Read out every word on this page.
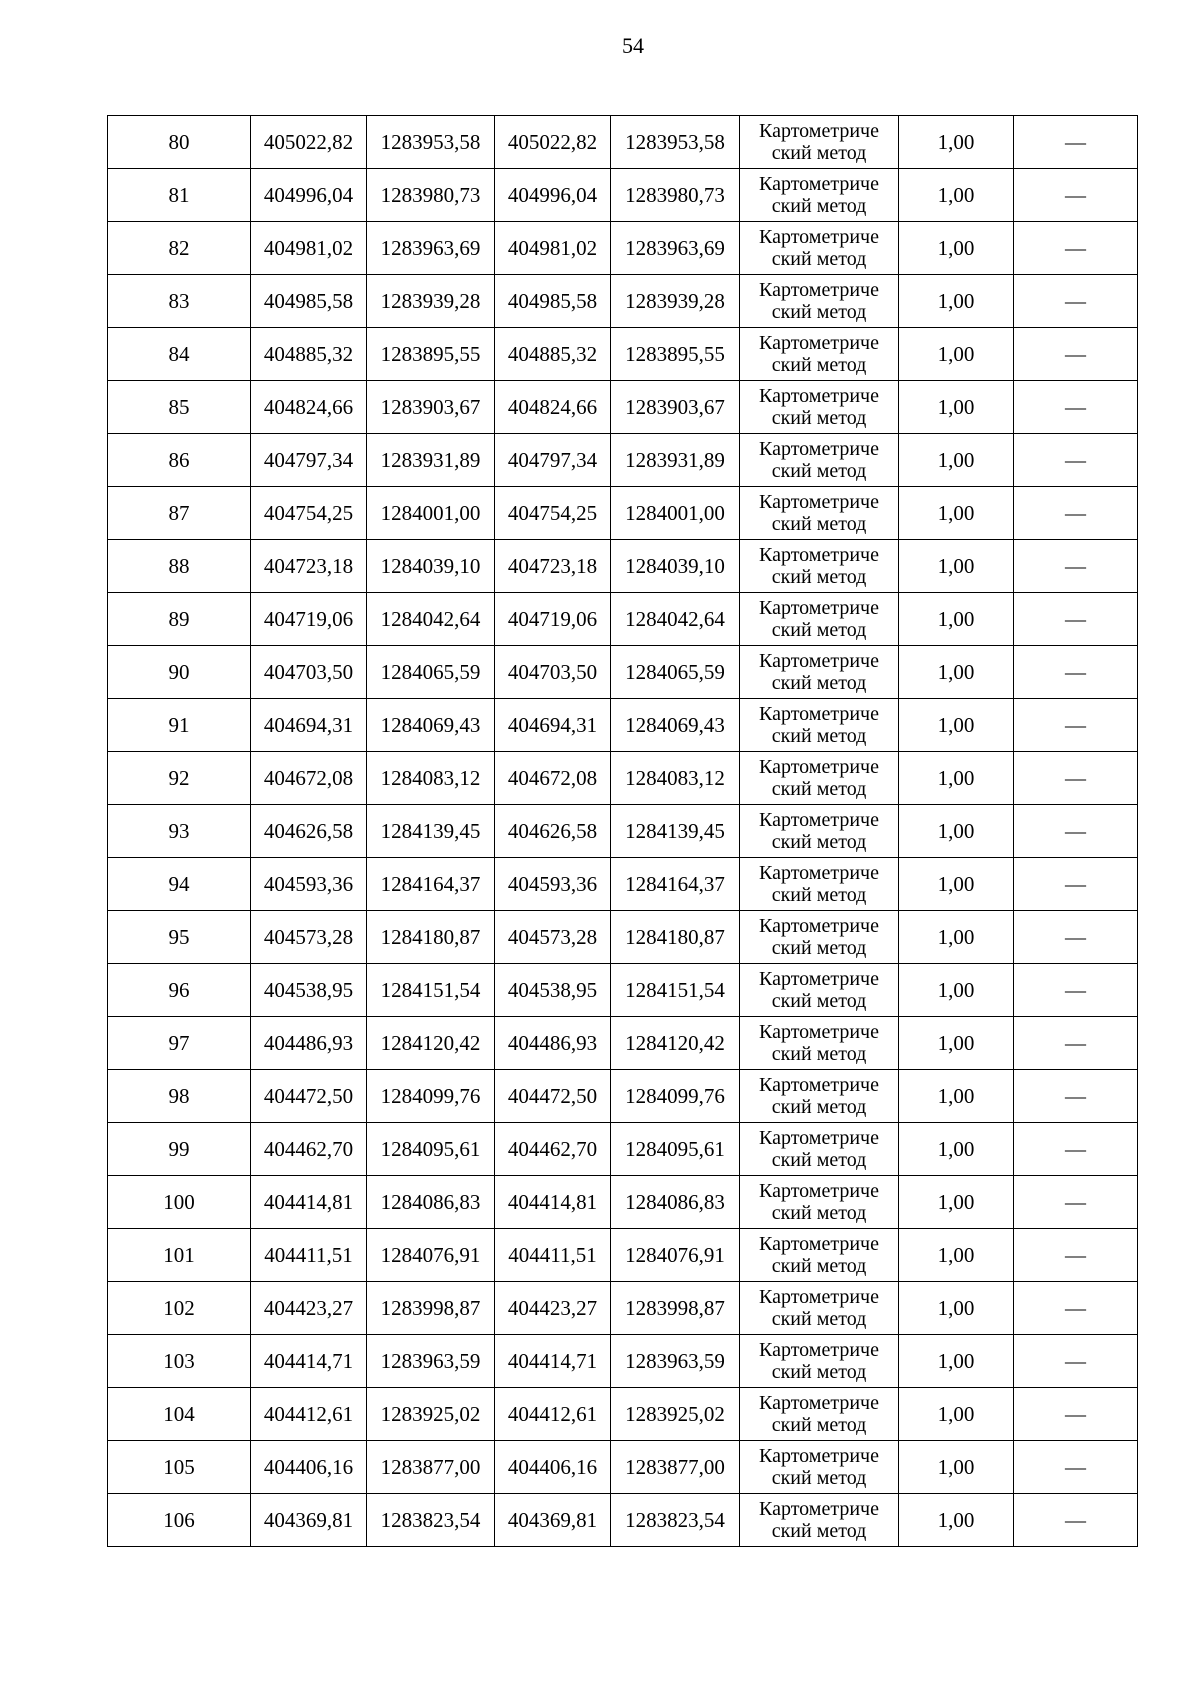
54
80	405022,82	1283953,58	405022,82	1283953,58	Картометриче
ский метод	1,00	—
81	404996,04	1283980,73	404996,04	1283980,73	Картометриче
ский метод	1,00	—
82	404981,02	1283963,69	404981,02	1283963,69	Картометриче
ский метод	1,00	—
83	404985,58	1283939,28	404985,58	1283939,28	Картометриче
ский метод	1,00	—
84	404885,32	1283895,55	404885,32	1283895,55	Картометриче
ский метод	1,00	—
85	404824,66	1283903,67	404824,66	1283903,67	Картометриче
ский метод	1,00	—
86	404797,34	1283931,89	404797,34	1283931,89	Картометриче
ский метод	1,00	—
87	404754,25	1284001,00	404754,25	1284001,00	Картометриче
ский метод	1,00	—
88	404723,18	1284039,10	404723,18	1284039,10	Картометриче
ский метод	1,00	—
89	404719,06	1284042,64	404719,06	1284042,64	Картометриче
ский метод	1,00	—
90	404703,50	1284065,59	404703,50	1284065,59	Картометриче
ский метод	1,00	—
91	404694,31	1284069,43	404694,31	1284069,43	Картометриче
ский метод	1,00	—
92	404672,08	1284083,12	404672,08	1284083,12	Картометриче
ский метод	1,00	—
93	404626,58	1284139,45	404626,58	1284139,45	Картометриче
ский метод	1,00	—
94	404593,36	1284164,37	404593,36	1284164,37	Картометриче
ский метод	1,00	—
95	404573,28	1284180,87	404573,28	1284180,87	Картометриче
ский метод	1,00	—
96	404538,95	1284151,54	404538,95	1284151,54	Картометриче
ский метод	1,00	—
97	404486,93	1284120,42	404486,93	1284120,42	Картометриче
ский метод	1,00	—
98	404472,50	1284099,76	404472,50	1284099,76	Картометриче
ский метод	1,00	—
99	404462,70	1284095,61	404462,70	1284095,61	Картометриче
ский метод	1,00	—
100	404414,81	1284086,83	404414,81	1284086,83	Картометриче
ский метод	1,00	—
101	404411,51	1284076,91	404411,51	1284076,91	Картометриче
ский метод	1,00	—
102	404423,27	1283998,87	404423,27	1283998,87	Картометриче
ский метод	1,00	—
103	404414,71	1283963,59	404414,71	1283963,59	Картометриче
ский метод	1,00	—
104	404412,61	1283925,02	404412,61	1283925,02	Картометриче
ский метод	1,00	—
105	404406,16	1283877,00	404406,16	1283877,00	Картометриче
ский метод	1,00	—
106	404369,81	1283823,54	404369,81	1283823,54	Картометриче
ский метод	1,00	—
